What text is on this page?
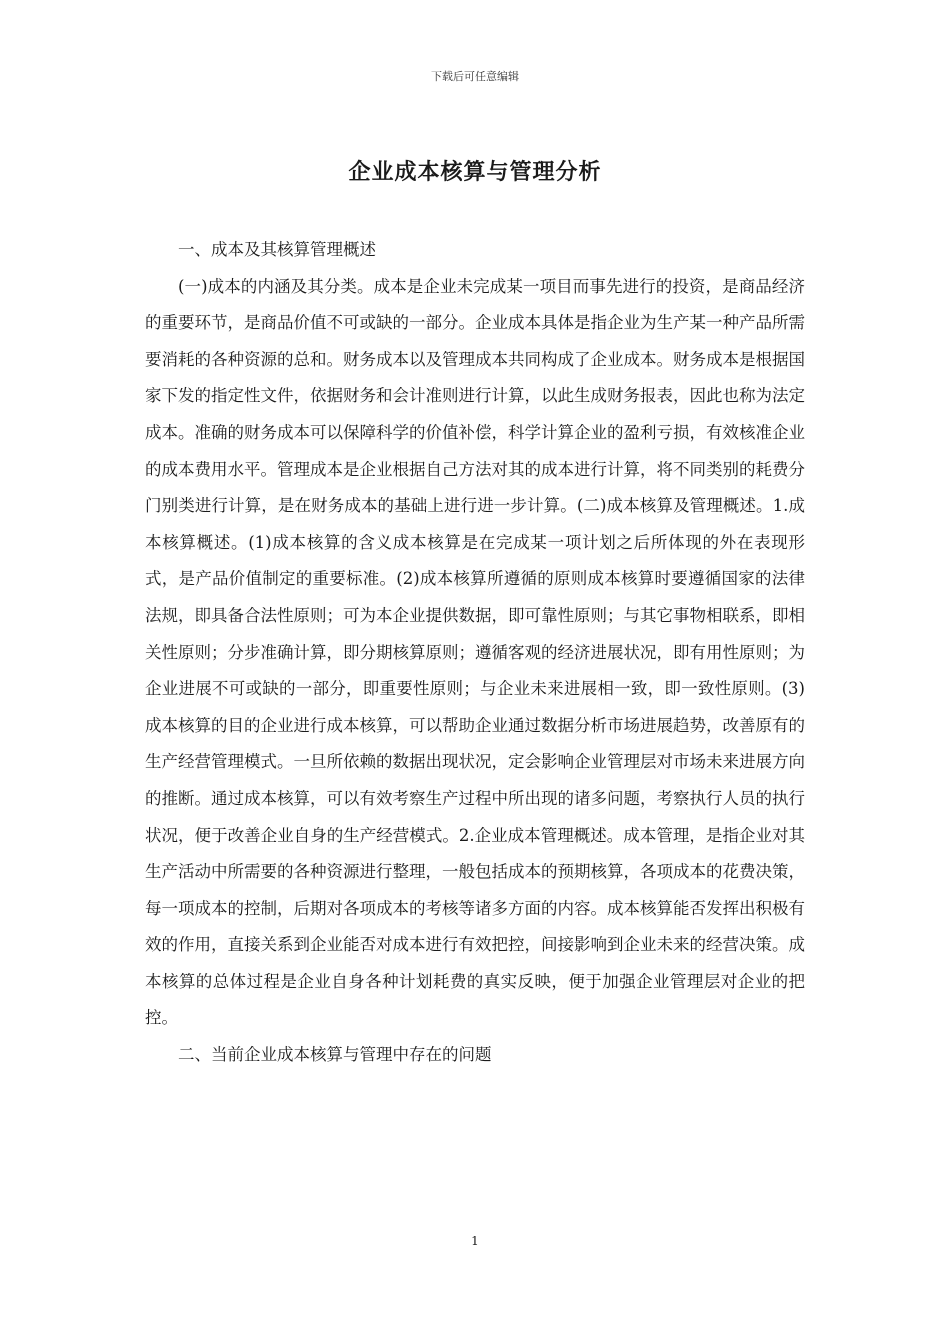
下载后可任意编辑
企业成本核算与管理分析

一、成本及其核算管理概述

(一)成本的内涵及其分类。成本是企业未完成某一项目而事先进行的投资，是商品经济的重要环节，是商品价值不可或缺的一部分。企业成本具体是指企业为生产某一种产品所需要消耗的各种资源的总和。财务成本以及管理成本共同构成了企业成本。财务成本是根据国家下发的指定性文件，依据财务和会计准则进行计算，以此生成财务报表，因此也称为法定成本。准确的财务成本可以保障科学的价值补偿，科学计算企业的盈利亏损，有效核准企业的成本费用水平。管理成本是企业根据自己方法对其的成本进行计算，将不同类别的耗费分门别类进行计算，是在财务成本的基础上进行进一步计算。(二)成本核算及管理概述。1.成本核算概述。(1)成本核算的含义成本核算是在完成某一项计划之后所体现的外在表现形式，是产品价值制定的重要标准。(2)成本核算所遵循的原则成本核算时要遵循国家的法律法规，即具备合法性原则；可为本企业提供数据，即可靠性原则；与其它事物相联系，即相关性原则；分步准确计算，即分期核算原则；遵循客观的经济进展状况，即有用性原则；为企业进展不可或缺的一部分，即重要性原则；与企业未来进展相一致，即一致性原则。(3)成本核算的目的企业进行成本核算，可以帮助企业通过数据分析市场进展趋势，改善原有的生产经营管理模式。一旦所依赖的数据出现状况，定会影响企业管理层对市场未来进展方向的推断。通过成本核算，可以有效考察生产过程中所出现的诸多问题，考察执行人员的执行状况，便于改善企业自身的生产经营模式。2.企业成本管理概述。成本管理，是指企业对其生产活动中所需要的各种资源进行整理，一般包括成本的预期核算，各项成本的花费决策，每一项成本的控制，后期对各项成本的考核等诸多方面的内容。成本核算能否发挥出积极有效的作用，直接关系到企业能否对成本进行有效把控，间接影响到企业未来的经营决策。成本核算的总体过程是企业自身各种计划耗费的真实反映，便于加强企业管理层对企业的把控。

二、当前企业成本核算与管理中存在的问题

1
